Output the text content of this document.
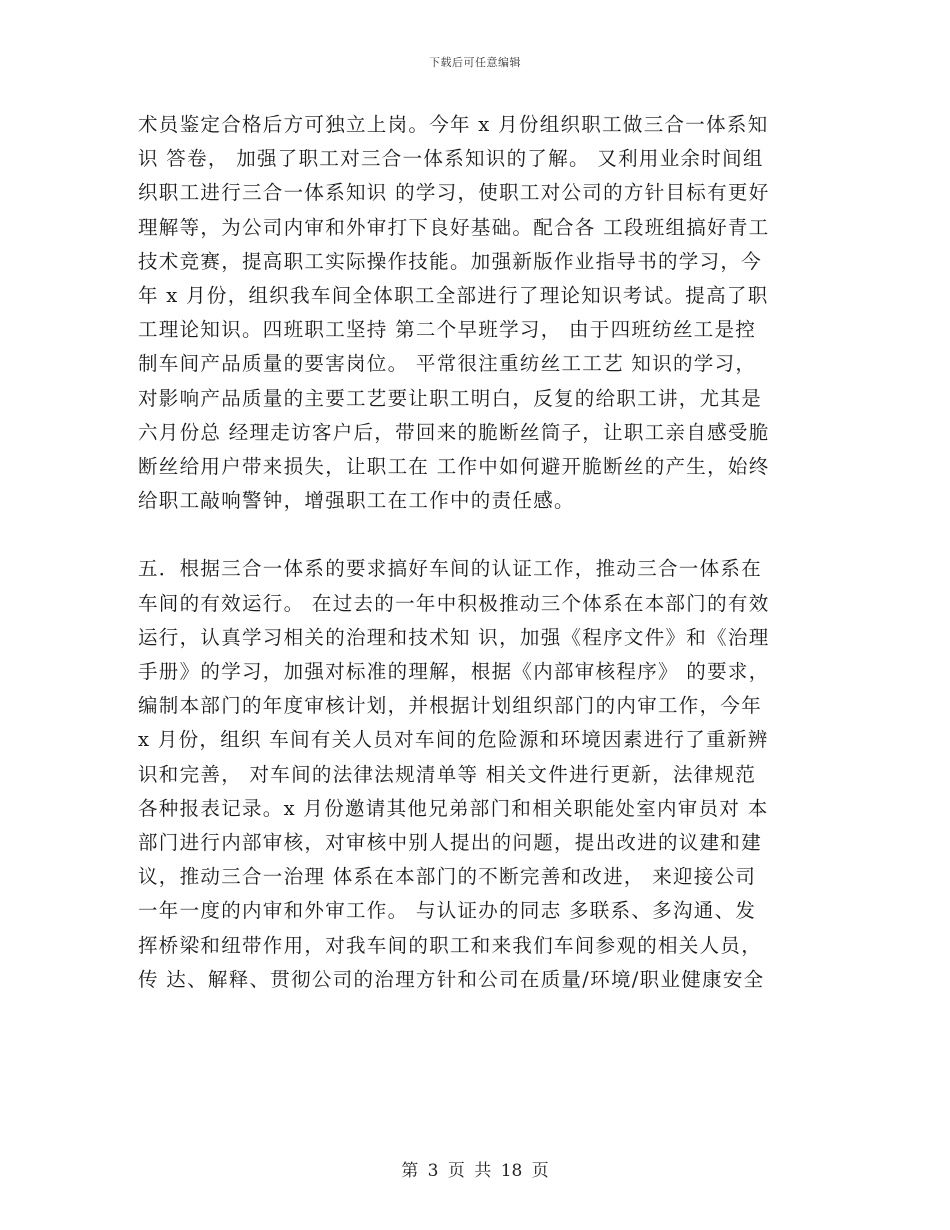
下载后可任意编辑

术员鉴定合格后方可独立上岗。今年 x 月份组织职工做三合一体系知
识 答卷， 加强了职工对三合一体系知识的了解。 又利用业余时间组
织职工进行三合一体系知识 的学习，使职工对公司的方针目标有更好
理解等，为公司内审和外审打下良好基础。配合各 工段班组搞好青工
技术竞赛，提高职工实际操作技能。加强新版作业指导书的学习，今
年 x 月份，组织我车间全体职工全部进行了理论知识考试。提高了职
工理论知识。四班职工坚持 第二个早班学习， 由于四班纺丝工是控
制车间产品质量的要害岗位。 平常很注重纺丝工工艺 知识的学习，
对影响产品质量的主要工艺要让职工明白，反复的给职工讲，尤其是
六月份总 经理走访客户后，带回来的脆断丝筒子，让职工亲自感受脆
断丝给用户带来损失，让职工在 工作中如何避开脆断丝的产生，始终
给职工敲响警钟，增强职工在工作中的责任感。

五．根据三合一体系的要求搞好车间的认证工作，推动三合一体系在
车间的有效运行。 在过去的一年中积极推动三个体系在本部门的有效
运行，认真学习相关的治理和技术知 识，加强《程序文件》和《治理
手册》的学习，加强对标准的理解，根据《内部审核程序》 的要求，
编制本部门的年度审核计划，并根据计划组织部门的内审工作，今年
x 月份，组织 车间有关人员对车间的危险源和环境因素进行了重新辨
识和完善， 对车间的法律法规清单等 相关文件进行更新，法律规范
各种报表记录。x 月份邀请其他兄弟部门和相关职能处室内审员对 本
部门进行内部审核，对审核中别人提出的问题，提出改进的议建和建
议，推动三合一治理 体系在本部门的不断完善和改进， 来迎接公司
一年一度的内审和外审工作。 与认证办的同志 多联系、多沟通、发
挥桥梁和纽带作用，对我车间的职工和来我们车间参观的相关人员，
传 达、解释、贯彻公司的治理方针和公司在质量/环境/职业健康安全

第 3 页 共 18 页
